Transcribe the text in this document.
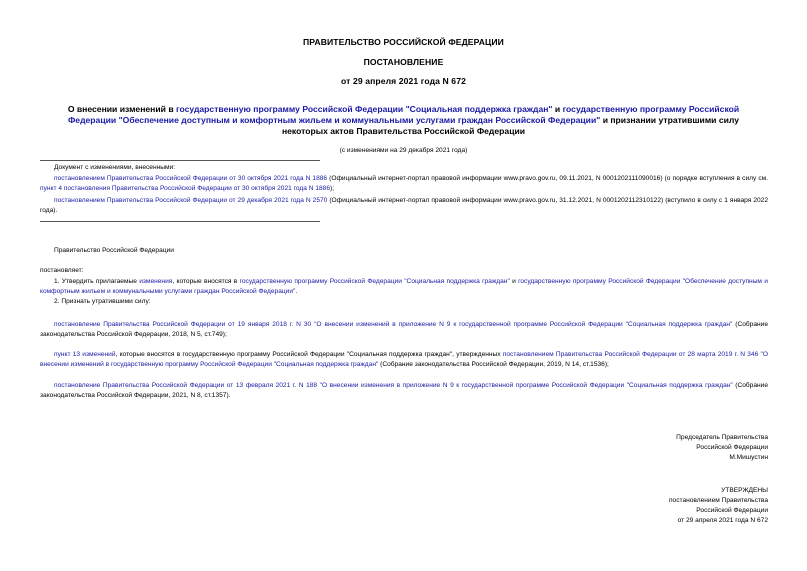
ПРАВИТЕЛЬСТВО РОССИЙСКОЙ ФЕДЕРАЦИИ
ПОСТАНОВЛЕНИЕ
от 29 апреля 2021 года N 672
О внесении изменений в государственную программу Российской Федерации "Социальная поддержка граждан" и государственную программу Российской Федерации "Обеспечение доступным и комфортным жильем и коммунальными услугами граждан Российской Федерации" и признании утратившими силу некоторых актов Правительства Российской Федерации
(с изменениями на 29 декабря 2021 года)
Документ с изменениями, внесенными:
постановлением Правительства Российской Федерации от 30 октября 2021 года N 1886 (Официальный интернет-портал правовой информации www.pravo.gov.ru, 09.11.2021, N 0001202111090016) (о порядке вступления в силу см. пункт 4 постановления Правительства Российской Федерации от 30 октября 2021 года N 1886);
постановлением Правительства Российской Федерации от 29 декабря 2021 года N 2570 (Официальный интернет-портал правовой информации www.pravo.gov.ru, 31.12.2021, N 0001202112310122) (вступило в силу с 1 января 2022 года).
Правительство Российской Федерации
постановляет:
1. Утвердить прилагаемые изменения, которые вносятся в государственную программу Российской Федерации "Социальная поддержка граждан" и государственную программу Российской Федерации "Обеспечение доступным и комфортным жильем и коммунальными услугами граждан Российской Федерации".
2. Признать утратившими силу:
постановление Правительства Российской Федерации от 19 января 2018 г. N 30 "О внесении изменений в приложение N 9 к государственной программе Российской Федерации "Социальная поддержка граждан" (Собрание законодательства Российской Федерации, 2018, N 5, ст.749);
пункт 13 изменений, которые вносятся в государственную программу Российской Федерации "Социальная поддержка граждан", утвержденных постановлением Правительства Российской Федерации от 28 марта 2019 г. N 346 "О внесении изменений в государственную программу Российской Федерации "Социальная поддержка граждан" (Собрание законодательства Российской Федерации, 2019, N 14, ст.1536);
постановление Правительства Российской Федерации от 13 февраля 2021 г. N 188 "О внесении изменения в приложение N 9 к государственной программе Российской Федерации "Социальная поддержка граждан" (Собрание законодательства Российской Федерации, 2021, N 8, ст.1357).
Председатель Правительства
Российской Федерации
М.Мишустин
УТВЕРЖДЕНЫ
постановлением Правительства
Российской Федерации
от 29 апреля 2021 года N 672
